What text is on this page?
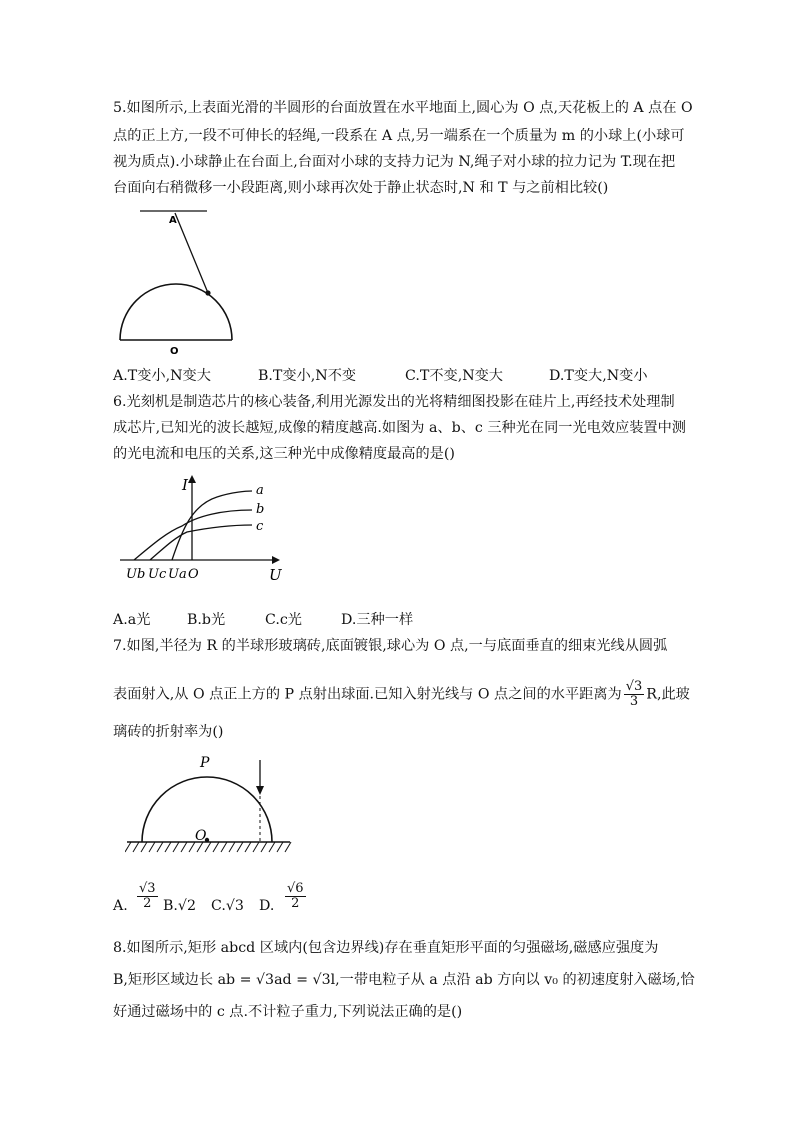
5.如图所示,上表面光滑的半圆形的台面放置在水平地面上,圆心为 O 点,天花板上的 A 点在 O
点的正上方,一段不可伸长的轻绳,一段系在 A 点,另一端系在一个质量为 m 的小球上(小球可
视为质点).小球静止在台面上,台面对小球的支持力记为 N,绳子对小球的拉力记为 T.现在把
台面向右稍微移一小段距离,则小球再次处于静止状态时,N 和 T 与之前相比较()
A
O
A.T变小,N变大	B.T变小,N不变	C.T不变,N变大	D.T变大,N变小
6.光刻机是制造芯片的核心装备,利用光源发出的光将精细图投影在硅片上,再经技术处理制
成芯片,已知光的波长越短,成像的精度越高.如图为 a、b、c 三种光在同一光电效应装置中测
的光电流和电压的关系,这三种光中成像精度最高的是()
I
U
a
b
c
Ub Uc Ua O
A.a光	B.b光	C.c光	D.三种一样
7.如图,半径为 R 的半球形玻璃砖,底面镀银,球心为 O 点,一与底面垂直的细束光线从圆弧
表面射入,从 O 点正上方的 P 点射出球面.已知入射光线与 O 点之间的水平距离为 $\frac{√3}{3} R$,此玻
璃砖的折射率为()
P
O
A. $\frac{√3}{2} B.√2$ C.√3 D. $\frac{√6}{2}$
8.如图所示,矩形 abcd 区域内(包含边界线)存在垂直矩形平面的匀强磁场,磁感应强度为
B,矩形区域边长 ab = √3ad = √3l,一带电粒子从 a 点沿 ab 方向以 v₀ 的初速度射入磁场,恰
好通过磁场中的 c 点.不计粒子重力,下列说法正确的是()
